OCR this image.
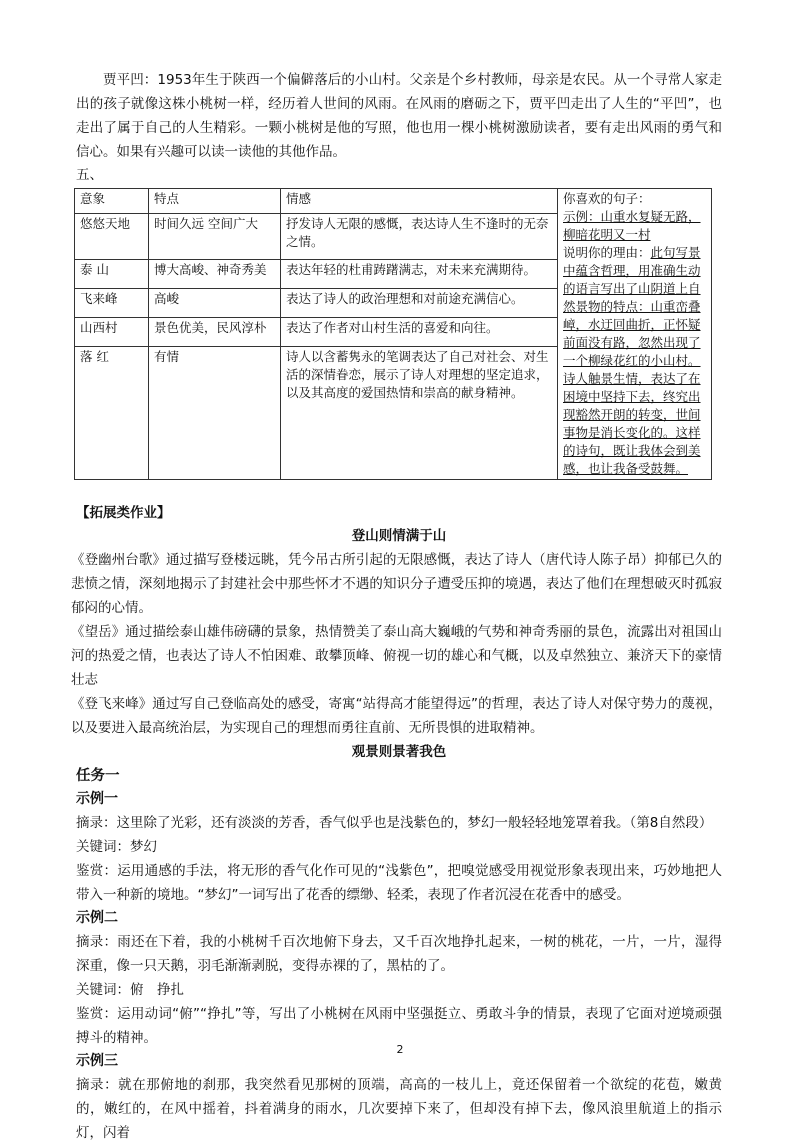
贾平凹：1953年生于陕西一个偏僻落后的小山村。父亲是个乡村教师，母亲是农民。从一个寻常人家走出的孩子就像这株小桃树一样，经历着人世间的风雨。在风雨的磨砺之下，贾平凹走出了人生的“平凹”，也走出了属于自己的人生精彩。一颗小桃树是他的写照，他也用一棵小桃树激励读者，要有走出风雨的勇气和信心。如果有兴趣可以读一读他的其他作品。

五、

意象	特点	情感	你喜欢的句子：
示例：山重水复疑无路，柳暗花明又一村
说明你的理由：此句写景中蕴含哲理，用准确生动的语言写出了山阴道上自然景物的特点：山重峦叠嶂，水迂回曲折，正怀疑前面没有路，忽然出现了一个柳绿花红的小山村。诗人触景生情，表达了在困境中坚持下去，终究出现豁然开朗的转变，世间事物是消长变化的。这样的诗句，既让我体会到美感，也让我备受鼓舞。

悠悠天地	时间久远 空间广大	抒发诗人无限的感慨，表达诗人生不逢时的无奈之情。	
泰 山	博大高峻、神奇秀美	表达年轻的杜甫踌躇满志，对未来充满期待。	
飞来峰	高峻	表达了诗人的政治理想和对前途充满信心。	
山西村	景色优美，民风淳朴	表达了作者对山村生活的喜爱和向往。	
落 红	有情	诗人以含蓄隽永的笔调表达了自己对社会、对生活的深情眷恋，展示了诗人对理想的坚定追求，以及其高度的爱国热情和崇高的献身精神。	

【拓展类作业】

登山则情满于山

《登幽州台歌》通过描写登楼远眺，凭今吊古所引起的无限感慨，表达了诗人（唐代诗人陈子昂）抑郁已久的悲愤之情，深刻地揭示了封建社会中那些怀才不遇的知识分子遭受压抑的境遇，表达了他们在理想破灭时孤寂郁闷的心情。

《望岳》通过描绘泰山雄伟磅礴的景象，热情赞美了泰山高大巍峨的气势和神奇秀丽的景色，流露出对祖国山河的热爱之情，也表达了诗人不怕困难、敢攀顶峰、俯视一切的雄心和气概，以及卓然独立、兼济天下的豪情壮志

《登飞来峰》通过写自己登临高处的感受，寄寓“站得高才能望得远”的哲理，表达了诗人对保守势力的蔑视，以及要进入最高统治层，为实现自己的理想而勇往直前、无所畏惧的进取精神。

观景则景著我色

任务一

示例一

摘录：这里除了光彩，还有淡淡的芳香，香气似乎也是浅紫色的，梦幻一般轻轻地笼罩着我。（第8自然段）

关键词：梦幻

鉴赏：运用通感的手法，将无形的香气化作可见的“浅紫色”，把嗅觉感受用视觉形象表现出来，巧妙地把人带入一种新的境地。“梦幻”一词写出了花香的缥缈、轻柔，表现了作者沉浸在花香中的感受。

示例二

摘录：雨还在下着，我的小桃树千百次地俯下身去，又千百次地挣扎起来，一树的桃花，一片，一片，湿得深重，像一只天鹅，羽毛渐渐剥脱，变得赤裸的了，黑枯的了。

关键词：俯　挣扎

鉴赏：运用动词“俯”“挣扎”等，写出了小桃树在风雨中坚强挺立、勇敢斗争的情景，表现了它面对逆境顽强搏斗的精神。

示例三

摘录：就在那俯地的刹那，我突然看见那树的顶端，高高的一枝儿上，竟还保留着一个欲绽的花苞，嫩黄的，嫩红的，在风中摇着，抖着满身的雨水，几次要掉下来了，但却没有掉下去，像风浪里航道上的指示灯，闪着

2
